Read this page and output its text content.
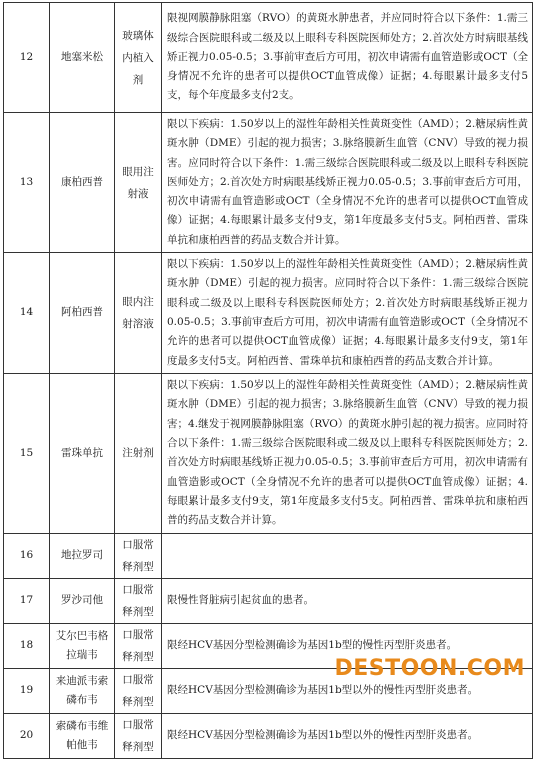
12	地塞米松	玻璃体内植入剂	限视网膜静脉阻塞（RVO）的黄斑水肿患者，并应同时符合以下条件：1.需三级综合医院眼科或二级及以上眼科专科医院医师处方；2.首次处方时病眼基线矫正视力0.05-0.5；3.事前审查后方可用，初次申请需有血管造影或OCT（全身情况不允许的患者可以提供OCT血管成像）证据；4.每眼累计最多支付5支，每个年度最多支付2支。
13	康柏西普	眼用注射液	限以下疾病：1.50岁以上的湿性年龄相关性黄斑变性（AMD）；2.糖尿病性黄斑水肿（DME）引起的视力损害；3.脉络膜新生血管（CNV）导致的视力损害。应同时符合以下条件：1.需三级综合医院眼科或二级及以上眼科专科医院医师处方；2.首次处方时病眼基线矫正视力0.05-0.5；3.事前审查后方可用，初次申请需有血管造影或OCT（全身情况不允许的患者可以提供OCT血管成像）证据；4.每眼累计最多支付9支，第1年度最多支付5支。阿柏西普、雷珠单抗和康柏西普的药品支数合并计算。
14	阿柏西普	眼内注射溶液	限以下疾病：1.50岁以上的湿性年龄相关性黄斑变性（AMD）；2.糖尿病性黄斑水肿（DME）引起的视力损害。应同时符合以下条件：1.需三级综合医院眼科或二级及以上眼科专科医院医师处方；2.首次处方时病眼基线矫正视力0.05-0.5；3.事前审查后方可用，初次申请需有血管造影或OCT（全身情况不允许的患者可以提供OCT血管成像）证据；4.每眼累计最多支付9支，第1年度最多支付5支。阿柏西普、雷珠单抗和康柏西普的药品支数合并计算。
15	雷珠单抗	注射剂	限以下疾病：1.50岁以上的湿性年龄相关性黄斑变性（AMD）；2.糖尿病性黄斑水肿（DME）引起的视力损害；3.脉络膜新生血管（CNV）导致的视力损害；4.继发于视网膜静脉阻塞（RVO）的黄斑水肿引起的视力损害。应同时符合以下条件：1.需三级综合医院眼科或二级及以上眼科专科医院医师处方；2.首次处方时病眼基线矫正视力0.05-0.5；3.事前审查后方可用，初次申请需有血管造影或OCT（全身情况不允许的患者可以提供OCT血管成像）证据；4.每眼累计最多支付9支，第1年度最多支付5支。阿柏西普、雷珠单抗和康柏西普的药品支数合并计算。
16	地拉罗司	口服常释剂型	
17	罗沙司他	口服常释剂型	限慢性肾脏病引起贫血的患者。
18	艾尔巴韦格拉瑞韦	口服常释剂型	限经HCV基因分型检测确诊为基因1b型的慢性丙型肝炎患者。
19	来迪派韦索磷布韦	口服常释剂型	限经HCV基因分型检测确诊为基因1b型以外的慢性丙型肝炎患者。
20	索磷布韦维帕他韦	口服常释剂型	限经HCV基因分型检测确诊为基因1b型以外的慢性丙型肝炎患者。
DESTOON.COM
